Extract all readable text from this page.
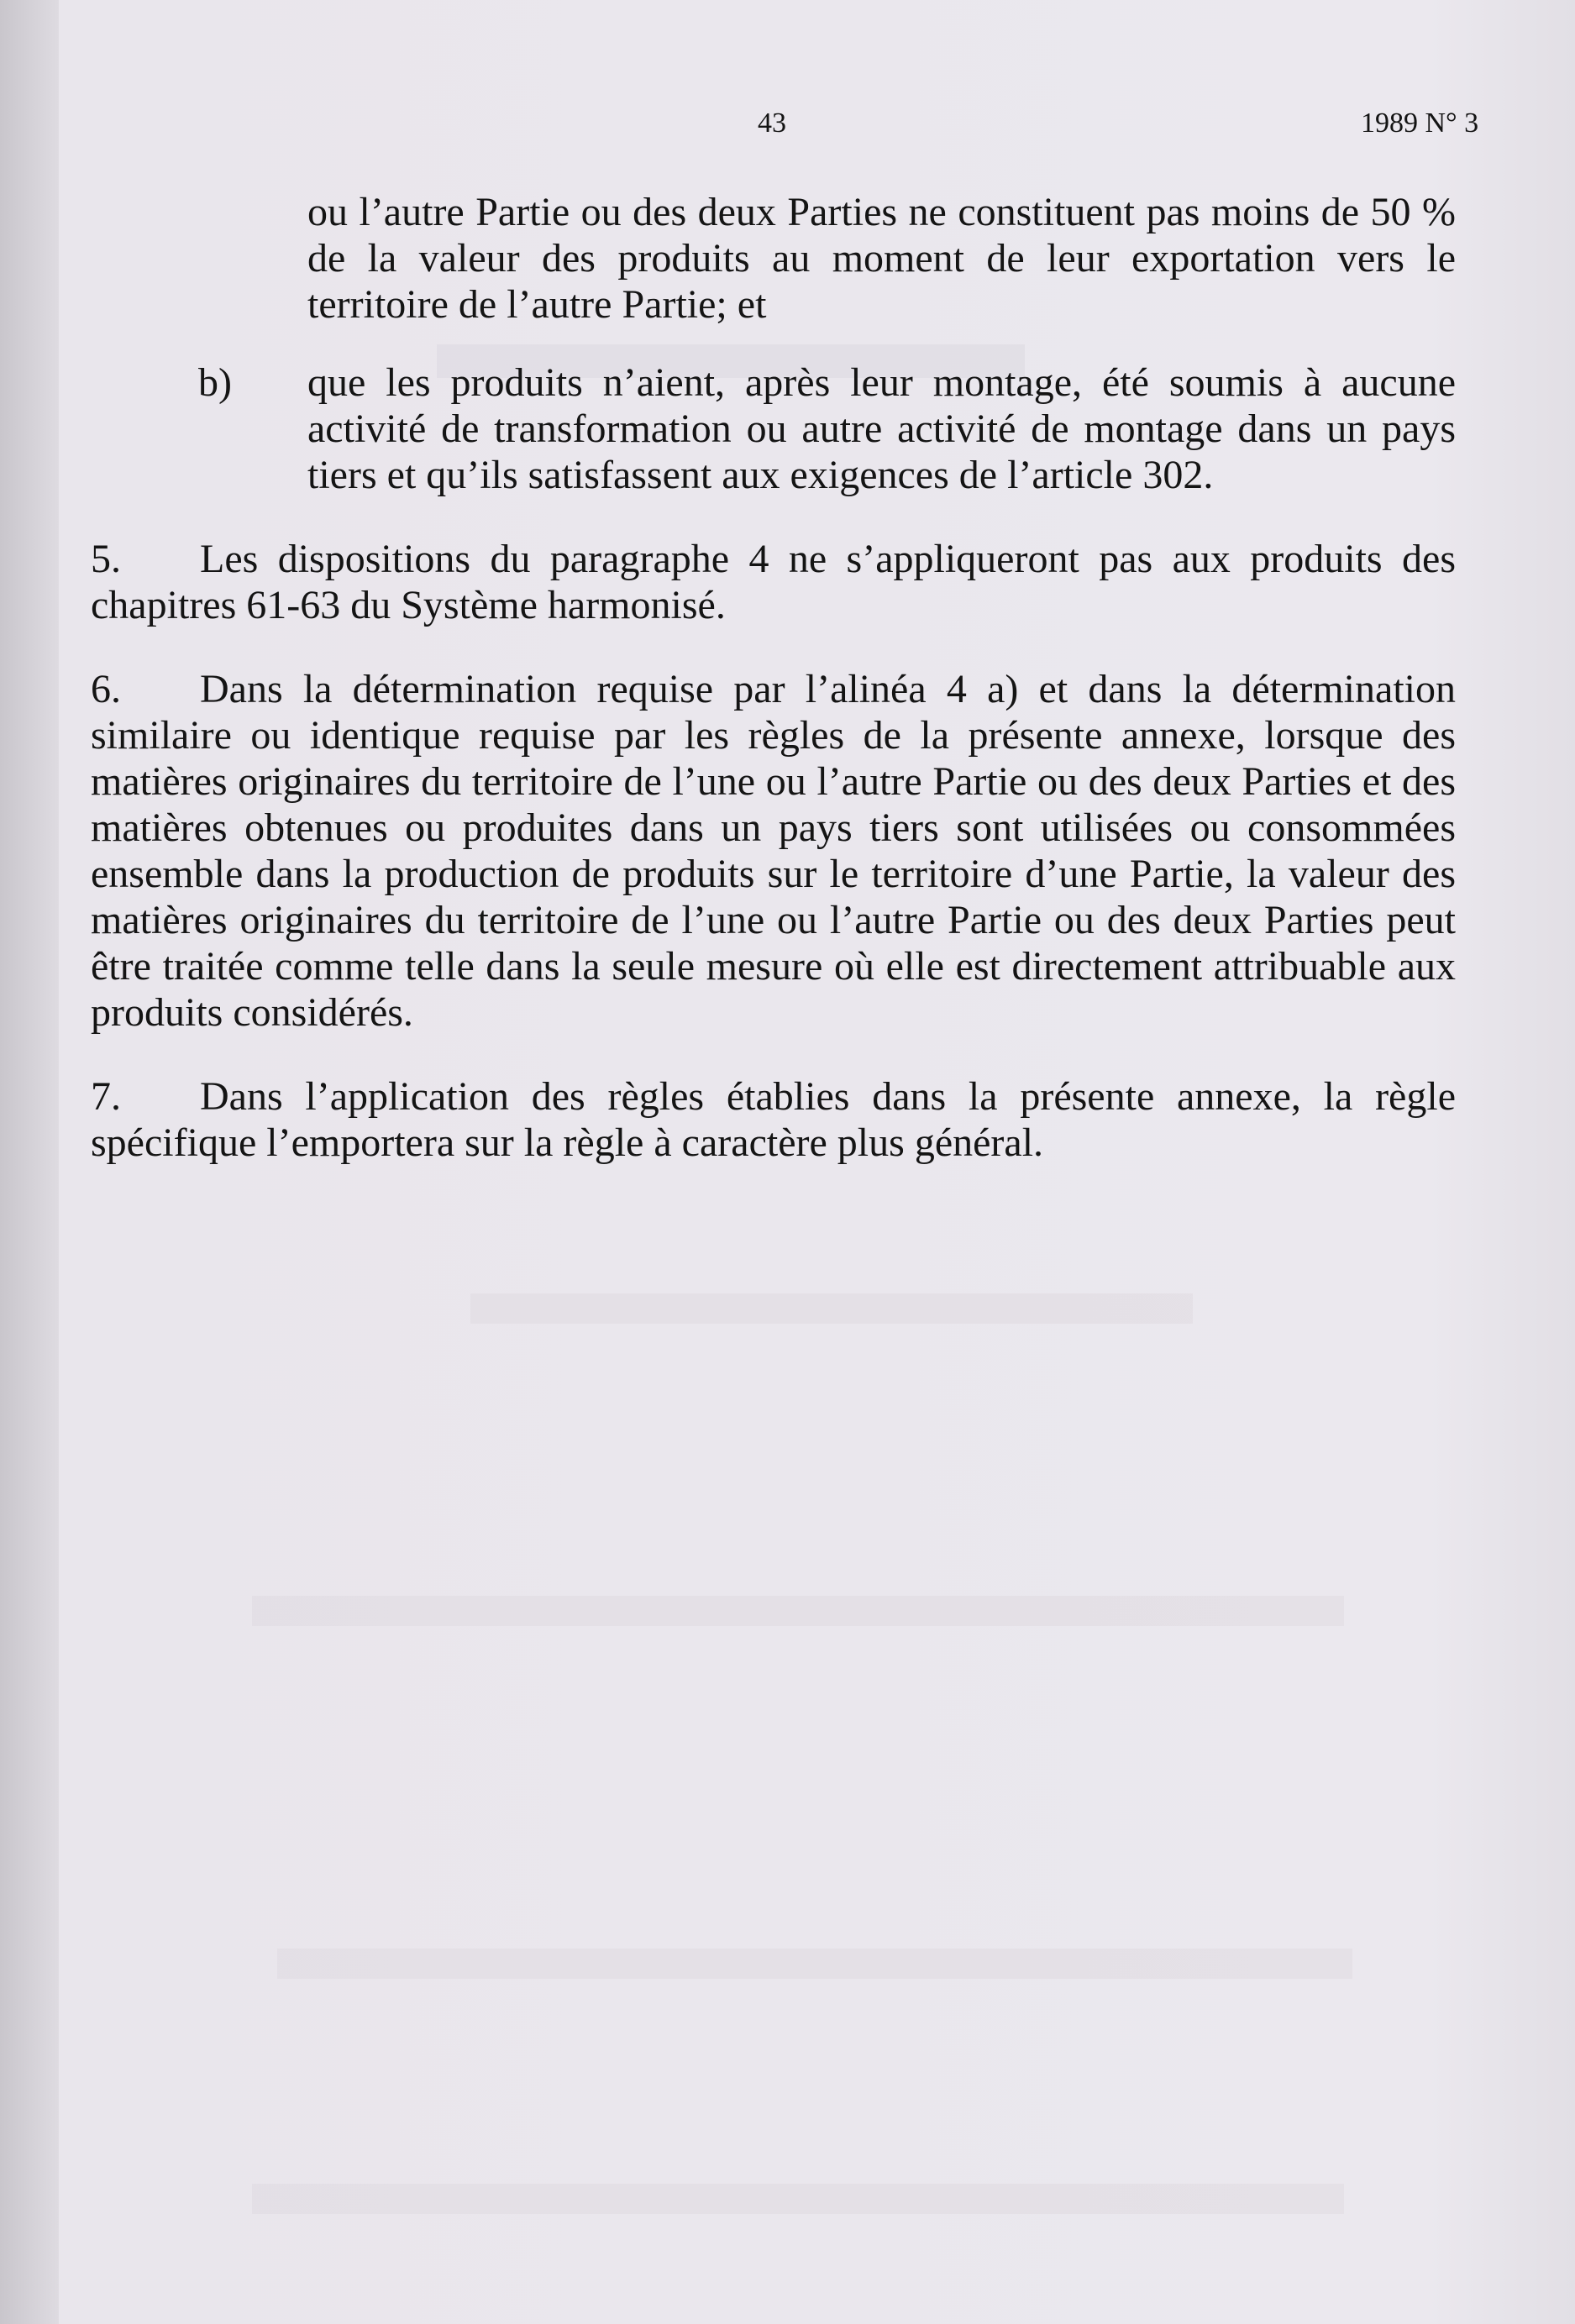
43	1989 N° 3
ou l’autre Partie ou des deux Parties ne constituent pas moins de 50 % de la valeur des produits au moment de leur exportation vers le territoire de l’autre Partie; et
b)	que les produits n’aient, après leur montage, été soumis à aucune activité de transformation ou autre activité de montage dans un pays tiers et qu’ils satisfassent aux exigences de l’article 302.
5. Les dispositions du paragraphe 4 ne s’appliqueront pas aux produits des chapitres 61-63 du Système harmonisé.
6. Dans la détermination requise par l’alinéa 4 a) et dans la détermination similaire ou identique requise par les règles de la présente annexe, lorsque des matières originaires du territoire de l’une ou l’autre Partie ou des deux Parties et des matières obtenues ou produites dans un pays tiers sont utilisées ou consommées ensemble dans la production de produits sur le territoire d’une Partie, la valeur des matières originaires du territoire de l’une ou l’autre Partie ou des deux Parties peut être traitée comme telle dans la seule mesure où elle est directement attribuable aux produits considérés.
7. Dans l’application des règles établies dans la présente annexe, la règle spécifique l’emportera sur la règle à caractère plus général.
